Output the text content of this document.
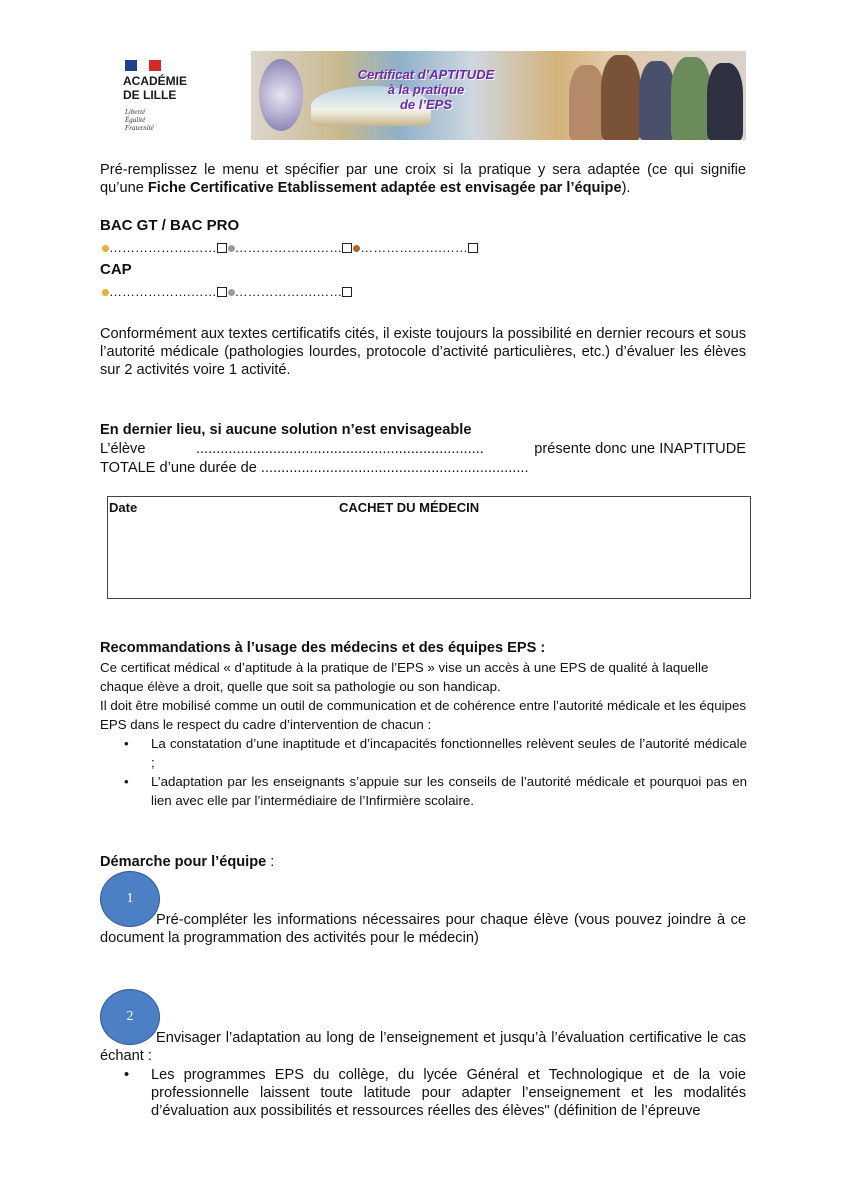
ACADÉMIE
DE LILLE
Liberté
Égalité
Fraternité
Certificat d’APTITUDE
à la pratique
de l’EPS
Pré-remplissez le menu et spécifier par une croix si la pratique y sera adaptée (ce qui signifie qu’une Fiche Certificative Etablissement adaptée est envisagée par l’équipe).
BAC GT / BAC PRO
……………….…… ……………….…… ……………….……
CAP
……………….…… ……………….……
Conformément aux textes certificatifs cités, il existe toujours la possibilité en dernier recours et sous l’autorité médicale (pathologies lourdes, protocole d’activité particulières, etc.) d’évaluer les élèves sur 2 activités voire 1 activité.
En dernier lieu, si aucune solution n’est envisageable
L’élève	.......................................................................	présente donc une INAPTITUDE
TOTALE d’une durée de ..................................................................
Date	CACHET DU MÉDECIN
Recommandations à l’usage des médecins et des équipes EPS :
Ce certificat médical « d’aptitude à la pratique de l’EPS » vise un accès à une EPS de qualité à laquelle chaque élève a droit, quelle que soit sa pathologie ou son handicap.
Il doit être mobilisé comme un outil de communication et de cohérence entre l’autorité médicale et les équipes EPS dans le respect du cadre d’intervention de chacun :
• La constatation d’une inaptitude et d’incapacités fonctionnelles relèvent seules de l’autorité médicale ;
• L’adaptation par les enseignants s’appuie sur les conseils de l’autorité médicale et pourquoi pas en lien avec elle par l’intermédiaire de l’Infirmière scolaire.
Démarche pour l’équipe :
1
Pré-compléter les informations nécessaires pour chaque élève (vous pouvez joindre à ce document la programmation des activités pour le médecin)
2
Envisager l’adaptation au long de l’enseignement et jusqu’à l’évaluation certificative le cas échant :
• Les programmes EPS du collège, du lycée Général et Technologique et de la voie professionnelle laissent toute latitude pour adapter l’enseignement et les modalités d’évaluation aux possibilités et ressources réelles des élèves" (définition de l’épreuve
